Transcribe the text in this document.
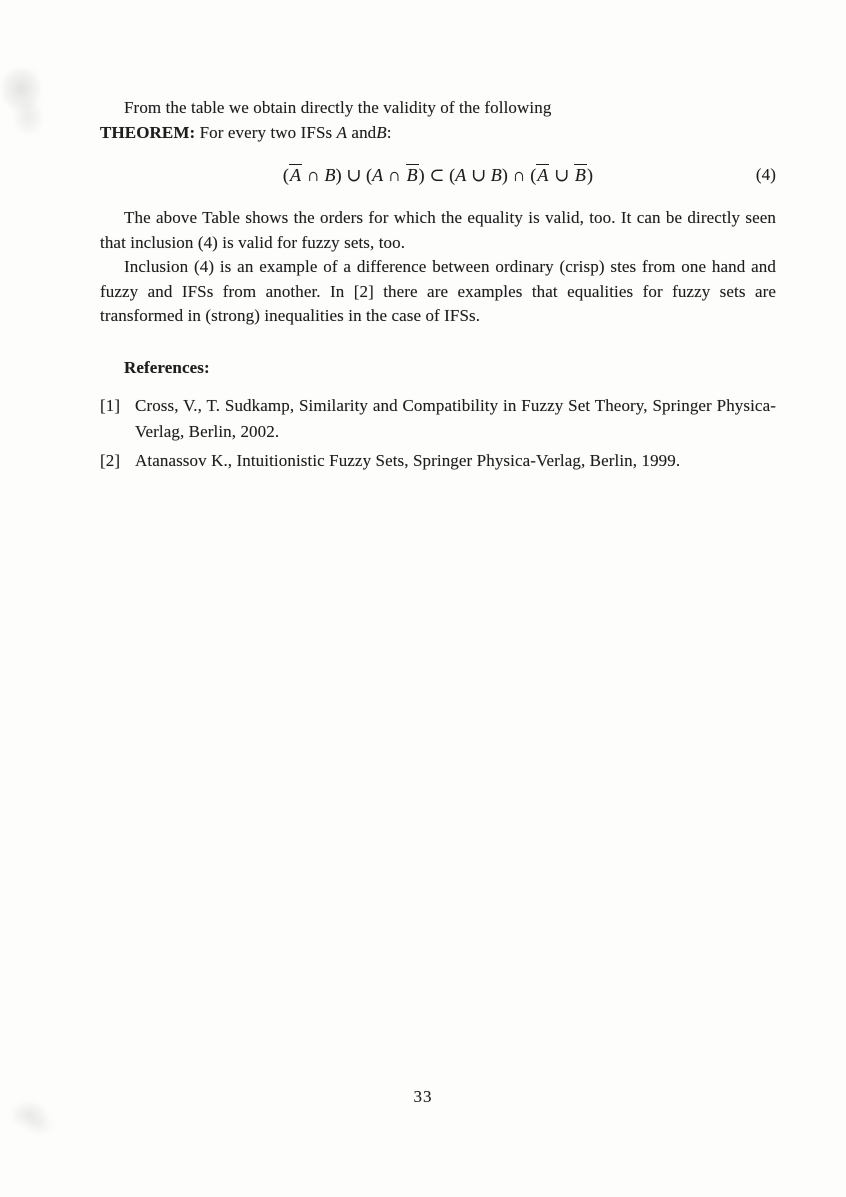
From the table we obtain directly the validity of the following
THEOREM: For every two IFSs A andB:
(A ∩ B) ∪ (A ∩ B) ⊂ (A ∪ B) ∩ (A ∪ B)	(4)

The above Table shows the orders for which the equality is valid, too. It can be directly seen that inclusion (4) is valid for fuzzy sets, too.

Inclusion (4) is an example of a difference between ordinary (crisp) stes from one hand and fuzzy and IFSs from another. In [2] there are examples that equalities for fuzzy sets are transformed in (strong) inequalities in the case of IFSs.

References:
[1] Cross, V., T. Sudkamp, Similarity and Compatibility in Fuzzy Set Theory, Springer Physica-Verlag, Berlin, 2002.
[2] Atanassov K., Intuitionistic Fuzzy Sets, Springer Physica-Verlag, Berlin, 1999.
33
